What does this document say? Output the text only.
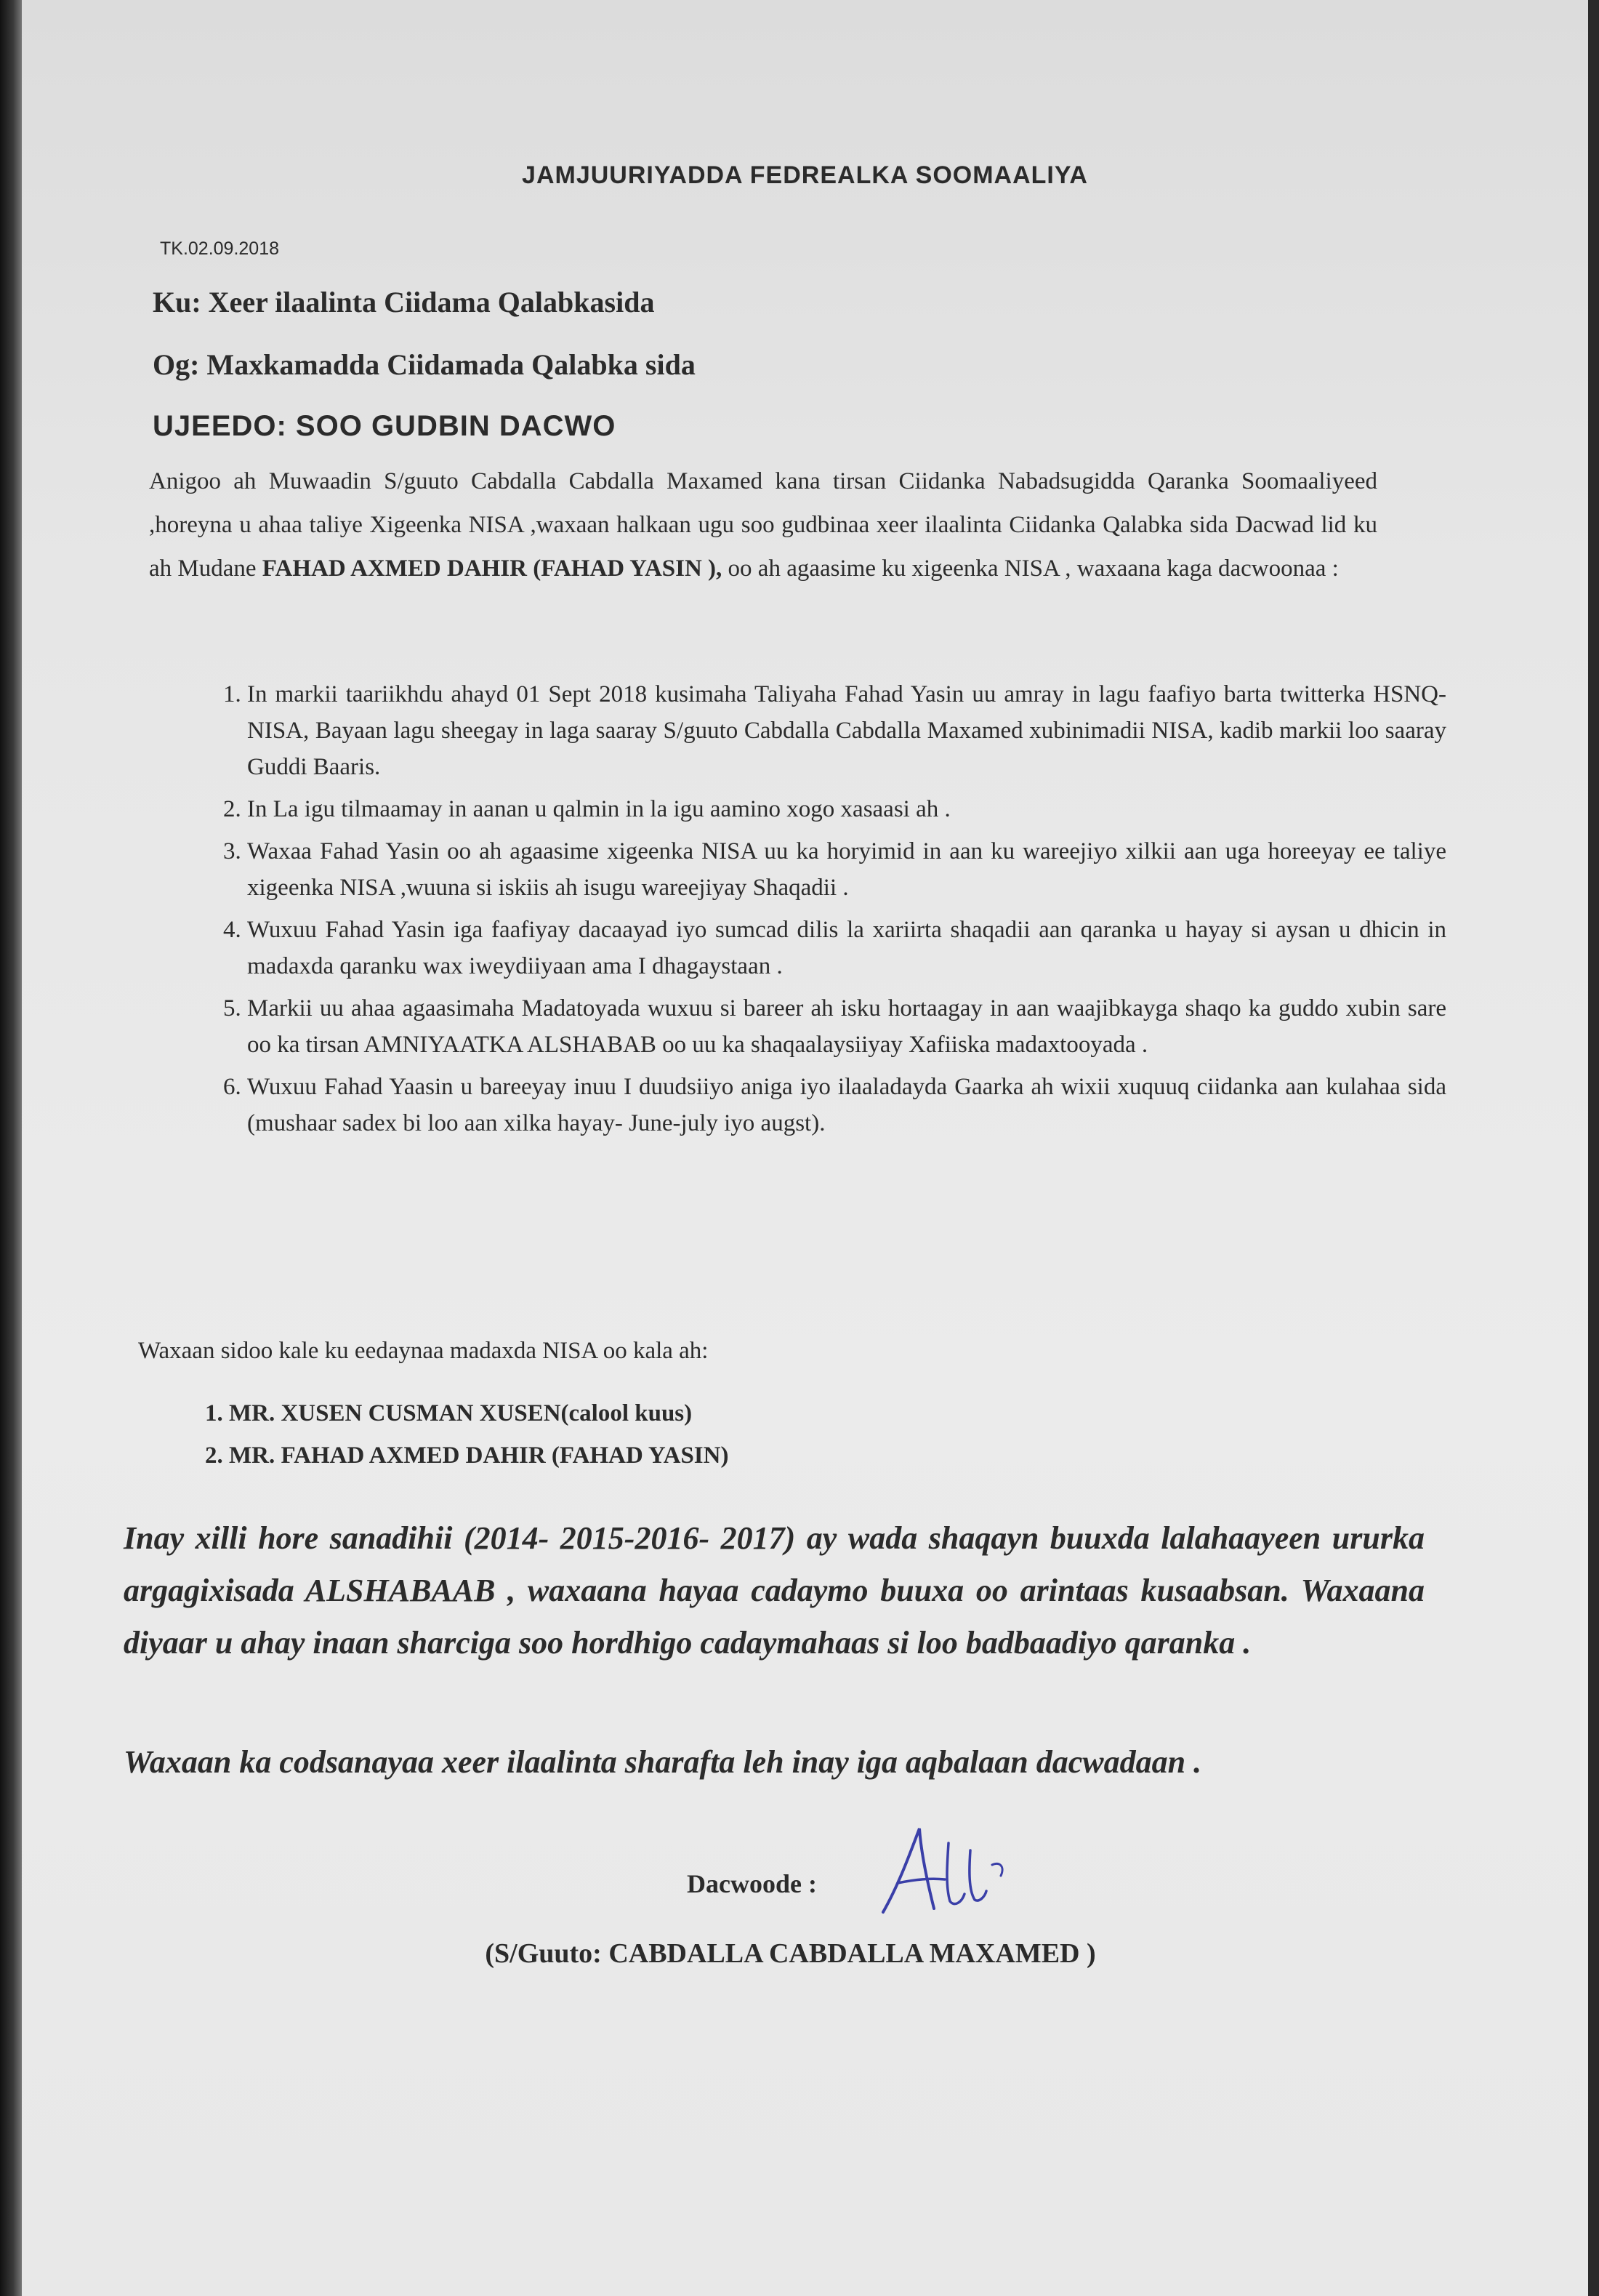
JAMJUURIYADDA FEDREALKA SOOMAALIYA
TK.02.09.2018
Ku: Xeer ilaalinta Ciidama Qalabkasida
Og: Maxkamadda Ciidamada Qalabka sida
UJEEDO: SOO GUDBIN DACWO
Anigoo ah Muwaadin S/guuto Cabdalla Cabdalla Maxamed kana tirsan Ciidanka Nabadsugidda Qaranka Soomaaliyeed ,horeyna u ahaa taliye Xigeenka NISA ,waxaan halkaan ugu soo gudbinaa xeer ilaalinta Ciidanka Qalabka sida Dacwad lid ku ah Mudane FAHAD AXMED DAHIR (FAHAD YASIN ), oo ah agaasime ku xigeenka NISA , waxaana kaga dacwoonaa :
1. In markii taariikhdu ahayd 01 Sept 2018 kusimaha Taliyaha Fahad Yasin uu amray in lagu faafiyo barta twitterka HSNQ-NISA, Bayaan lagu sheegay in laga saaray S/guuto Cabdalla Cabdalla Maxamed xubinimadii NISA, kadib markii loo saaray Guddi Baaris.
2. In La igu tilmaamay in aanan u qalmin in la igu aamino xogo xasaasi ah .
3. Waxaa Fahad Yasin oo ah agaasime xigeenka NISA uu ka horyimid in aan ku wareejiyo xilkii aan uga horeeyay ee taliye xigeenka NISA ,wuuna si iskiis ah isugu wareejiyay Shaqadii .
4. Wuxuu Fahad Yasin iga faafiyay dacaayad iyo sumcad dilis la xariirta shaqadii aan qaranka u hayay si aysan u dhicin in madaxda qaranku wax iweydiiyaan ama I dhagaystaan .
5. Markii uu ahaa agaasimaha Madatoyada wuxuu si bareer ah isku hortaagay in aan waajibkayga shaqo ka guddo xubin sare oo ka tirsan AMNIYAATKA ALSHABAB oo uu ka shaqaalaysiiyay Xafiiska madaxtooyada .
6. Wuxuu Fahad Yaasin u bareeyay inuu I duudsiiyo aniga iyo ilaaladayda Gaarka ah wixii xuquuq ciidanka aan kulahaa sida (mushaar sadex bi loo aan xilka hayay- June-july iyo augst).
Waxaan sidoo kale ku eedaynaa madaxda NISA oo kala ah:
1. MR. XUSEN CUSMAN XUSEN(calool kuus)
2. MR. FAHAD AXMED DAHIR (FAHAD YASIN)
Inay xilli hore sanadihii (2014- 2015-2016- 2017) ay wada shaqayn buuxda lalahaayeen ururka argagixisada ALSHABAAB , waxaana hayaa cadaymo buuxa oo arintaas kusaabsan. Waxaana diyaar u ahay inaan sharciga soo hordhigo cadaymahaas si loo badbaadiyo qaranka .
Waxaan ka codsanayaa xeer ilaalinta sharafta leh inay iga aqbalaan dacwadaan .
Dacwoode :
(S/Guuto: CABDALLA CABDALLA MAXAMED )
